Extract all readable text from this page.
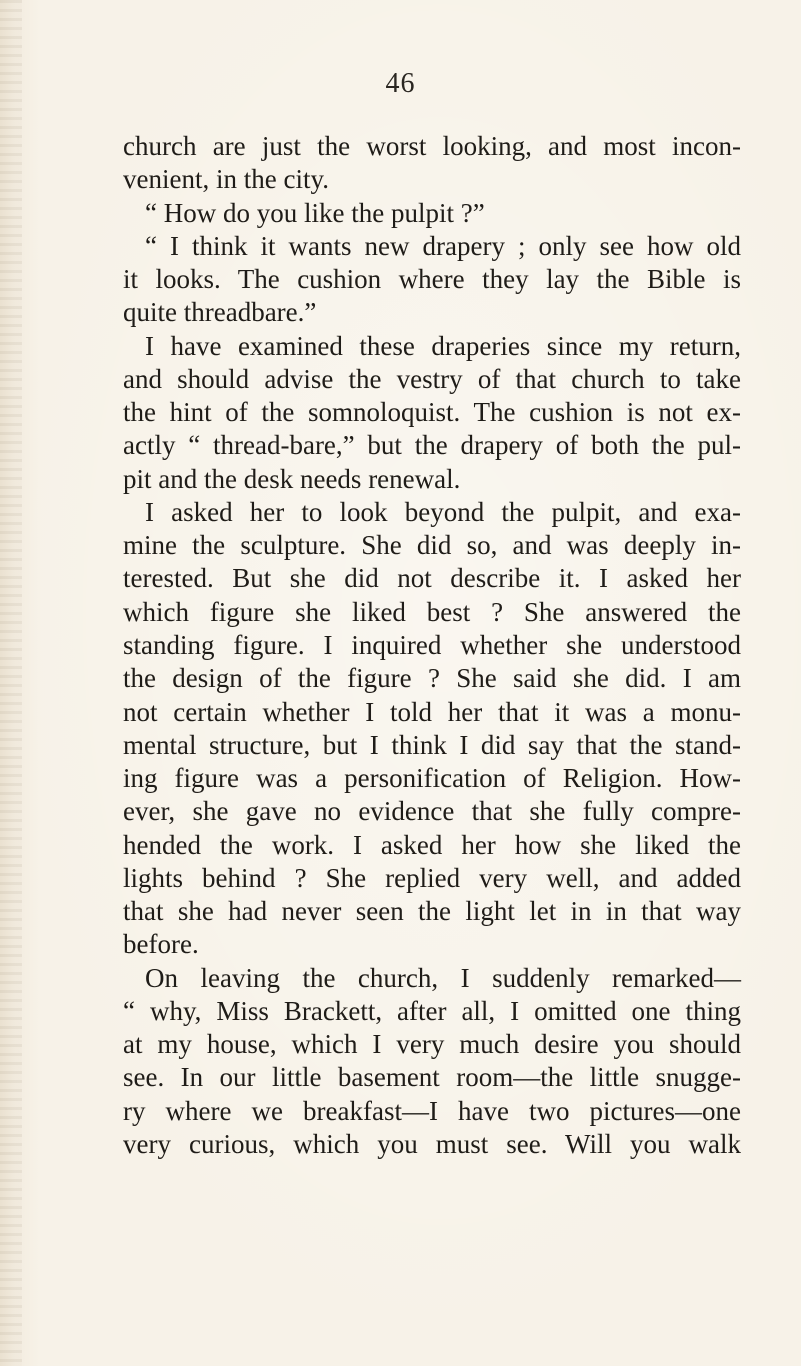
46
church are just the worst looking, and most incon-
venient, in the city.
“ How do you like the pulpit ?”
“ I think it wants new drapery ; only see how old
it looks. The cushion where they lay the Bible is
quite threadbare.”
I have examined these draperies since my return,
and should advise the vestry of that church to take
the hint of the somnoloquist. The cushion is not ex-
actly “ thread-bare,” but the drapery of both the pul-
pit and the desk needs renewal.
I asked her to look beyond the pulpit, and exa-
mine the sculpture. She did so, and was deeply in-
terested. But she did not describe it. I asked her
which figure she liked best ? She answered the
standing figure. I inquired whether she understood
the design of the figure ? She said she did. I am
not certain whether I told her that it was a monu-
mental structure, but I think I did say that the stand-
ing figure was a personification of Religion. How-
ever, she gave no evidence that she fully compre-
hended the work. I asked her how she liked the
lights behind ? She replied very well, and added
that she had never seen the light let in in that way
before.
On leaving the church, I suddenly remarked—
“ why, Miss Brackett, after all, I omitted one thing
at my house, which I very much desire you should
see. In our little basement room—the little snugge-
ry where we breakfast—I have two pictures—one
very curious, which you must see. Will you walk
